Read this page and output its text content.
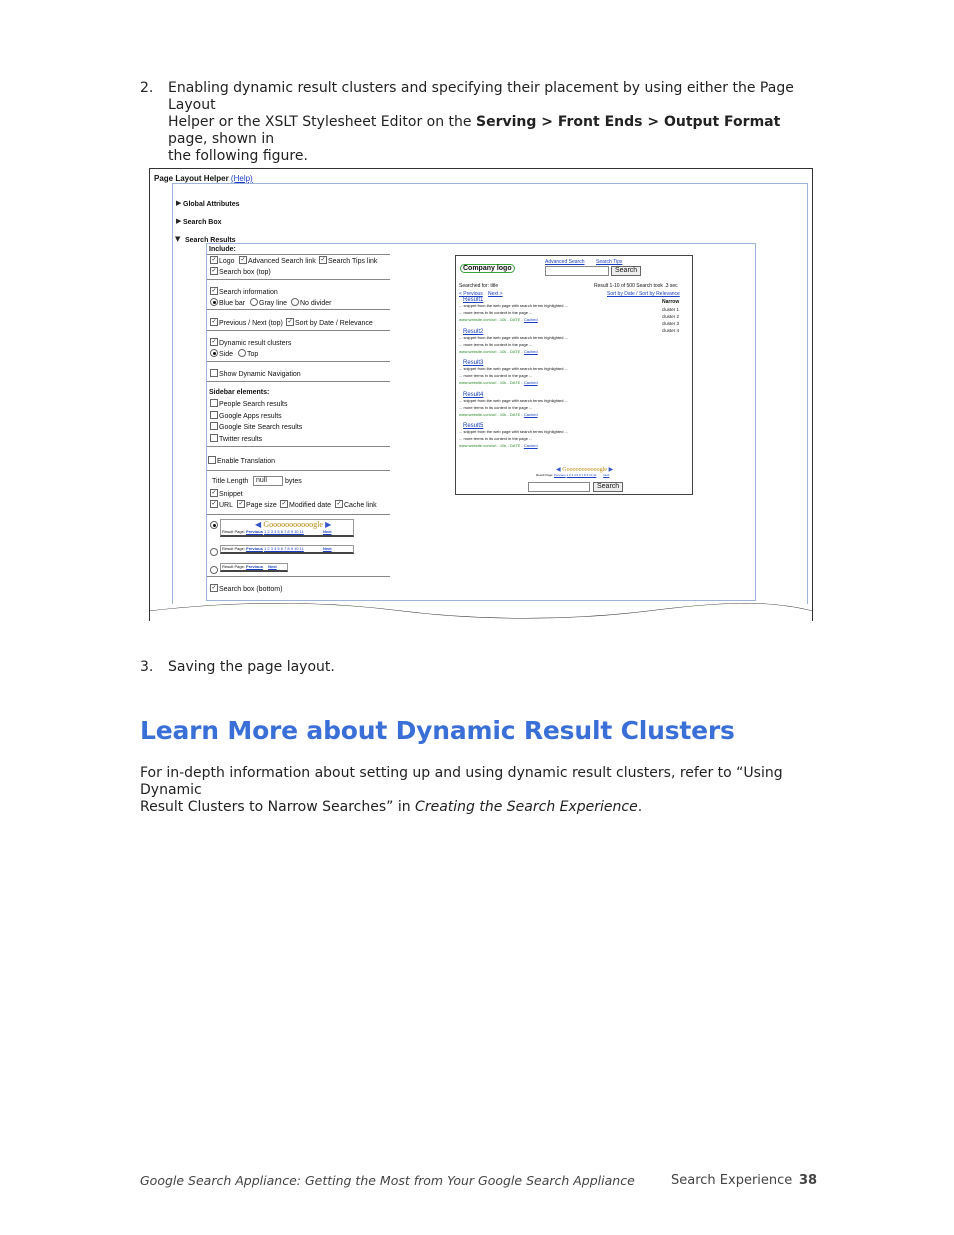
2. Enabling dynamic result clusters and specifying their placement by using either the Page Layout
Helper or the XSLT Stylesheet Editor on the Serving > Front Ends > Output Format page, shown in
the following figure.
Page Layout Helper (Help)
▶ Global Attributes
▶ Search Box
▼ Search Results
Include:
✓ Logo ✓ Advanced Search link ✓ Search Tips link
✓ Search box (top)
✓ Search information
Blue bar Gray line No divider
✓ Previous / Next (top) ✓ Sort by Date / Relevance
✓ Dynamic result clusters
Side Top
Show Dynamic Navigation
Sidebar elements:
People Search results
Google Apps results
Google Site Search results
Twitter results
Enable Translation
Title Length	null	bytes
✓ Snippet
✓ URL ✓ Page size ✓ Modified date ✓ Cache link
◀ Gooooooooooogle ▶
Result Page: Previous 1 2 3 4 5 6 7 8 9 10 11	Next
Result Page: Previous 1 2 3 4 5 6 7 8 9 10 11	Next
Result Page: Previous Next
✓ Search box (bottom)
Company logo
Advanced Search Search Tips
Search
Searched for: title	Result 1-10 of 500 Search took .3 sec
< Previous Next >	Sort by Date / Sort by Relevance
Narrow
cluster 1
cluster 2
cluster 3
cluster 4
Result1
... snippet from the web page with search terms highlighted ...
... more terms in its context in the page ...
www.website.com/url - 10k - DATE - Cached
Result2
... snippet from the web page with search terms highlighted ...
... more terms in its context in the page ...
www.website.com/url - 10k - DATE - Cached
Result3
... snippet from the web page with search terms highlighted ...
... more terms in its context in the page ...
www.website.com/url - 10k - DATE - Cached
Result4
... snippet from the web page with search terms highlighted ...
... more terms in its context in the page ...
www.website.com/url - 10k - DATE - Cached
Result5
... snippet from the web page with search terms highlighted ...
... more terms in its context in the page ...
www.website.com/url - 10k - DATE - Cached
◀ Gooooooooooogle ▶
Result Page: Previous 1 2 3 4 5 6 7 8 9 10 11 Next
Search
3. Saving the page layout.
Learn More about Dynamic Result Clusters
For in-depth information about setting up and using dynamic result clusters, refer to “Using Dynamic
Result Clusters to Narrow Searches” in Creating the Search Experience.
Google Search Appliance: Getting the Most from Your Google Search Appliance	Search Experience 38
